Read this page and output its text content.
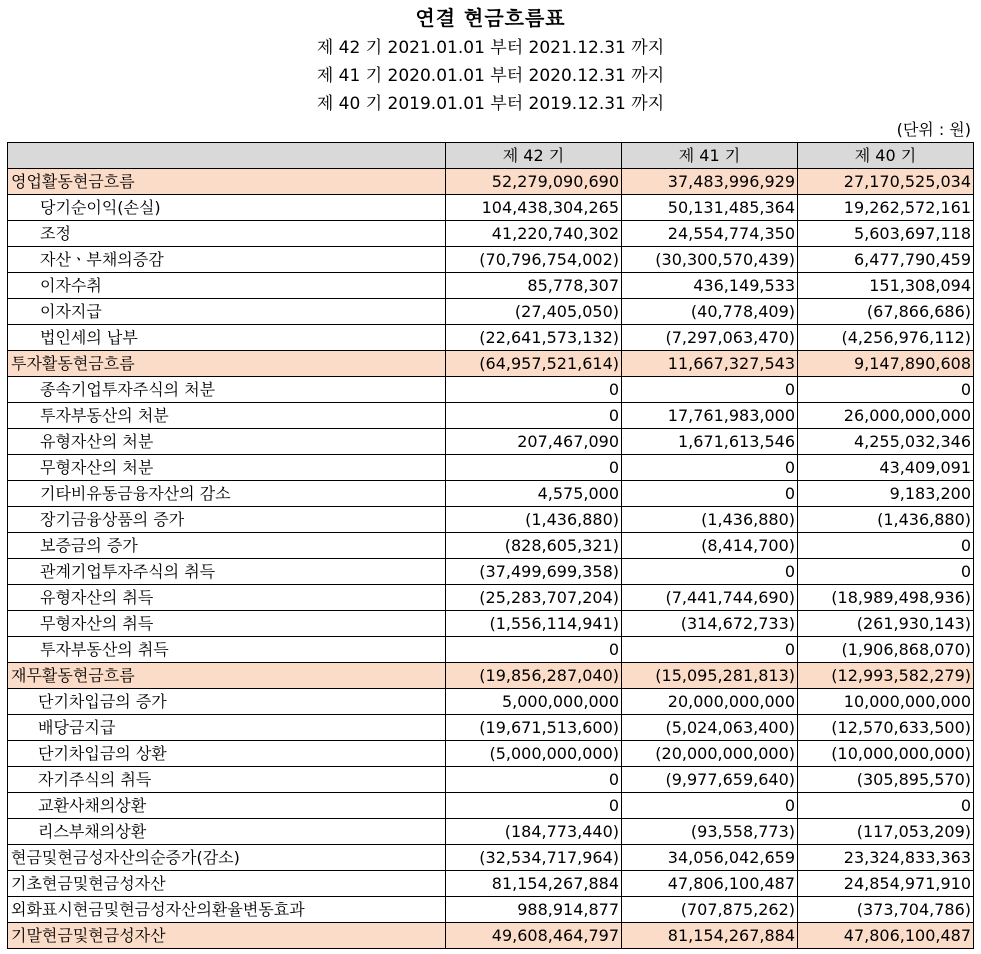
연결 현금흐름표
제 42 기 2021.01.01 부터 2021.12.31 까지
제 41 기 2020.01.01 부터 2020.12.31 까지
제 40 기 2019.01.01 부터 2019.12.31 까지
(단위 : 원)
	제 42 기	제 41 기	제 40 기
영업활동현금흐름	52,279,090,690	37,483,996,929	27,170,525,034
당기순이익(손실)	104,438,304,265	50,131,485,364	19,262,572,161
조정	41,220,740,302	24,554,774,350	5,603,697,118
자산ㆍ부채의증감	(70,796,754,002)	(30,300,570,439)	6,477,790,459
이자수취	85,778,307	436,149,533	151,308,094
이자지급	(27,405,050)	(40,778,409)	(67,866,686)
법인세의 납부	(22,641,573,132)	(7,297,063,470)	(4,256,976,112)
투자활동현금흐름	(64,957,521,614)	11,667,327,543	9,147,890,608
종속기업투자주식의 처분	0	0	0
투자부동산의 처분	0	17,761,983,000	26,000,000,000
유형자산의 처분	207,467,090	1,671,613,546	4,255,032,346
무형자산의 처분	0	0	43,409,091
기타비유동금융자산의 감소	4,575,000	0	9,183,200
장기금융상품의 증가	(1,436,880)	(1,436,880)	(1,436,880)
보증금의 증가	(828,605,321)	(8,414,700)	0
관계기업투자주식의 취득	(37,499,699,358)	0	0
유형자산의 취득	(25,283,707,204)	(7,441,744,690)	(18,989,498,936)
무형자산의 취득	(1,556,114,941)	(314,672,733)	(261,930,143)
투자부동산의 취득	0	0	(1,906,868,070)
재무활동현금흐름	(19,856,287,040)	(15,095,281,813)	(12,993,582,279)
단기차입금의 증가	5,000,000,000	20,000,000,000	10,000,000,000
배당금지급	(19,671,513,600)	(5,024,063,400)	(12,570,633,500)
단기차입금의 상환	(5,000,000,000)	(20,000,000,000)	(10,000,000,000)
자기주식의 취득	0	(9,977,659,640)	(305,895,570)
교환사채의상환	0	0	0
리스부채의상환	(184,773,440)	(93,558,773)	(117,053,209)
현금및현금성자산의순증가(감소)	(32,534,717,964)	34,056,042,659	23,324,833,363
기초현금및현금성자산	81,154,267,884	47,806,100,487	24,854,971,910
외화표시현금및현금성자산의환율변동효과	988,914,877	(707,875,262)	(373,704,786)
기말현금및현금성자산	49,608,464,797	81,154,267,884	47,806,100,487
